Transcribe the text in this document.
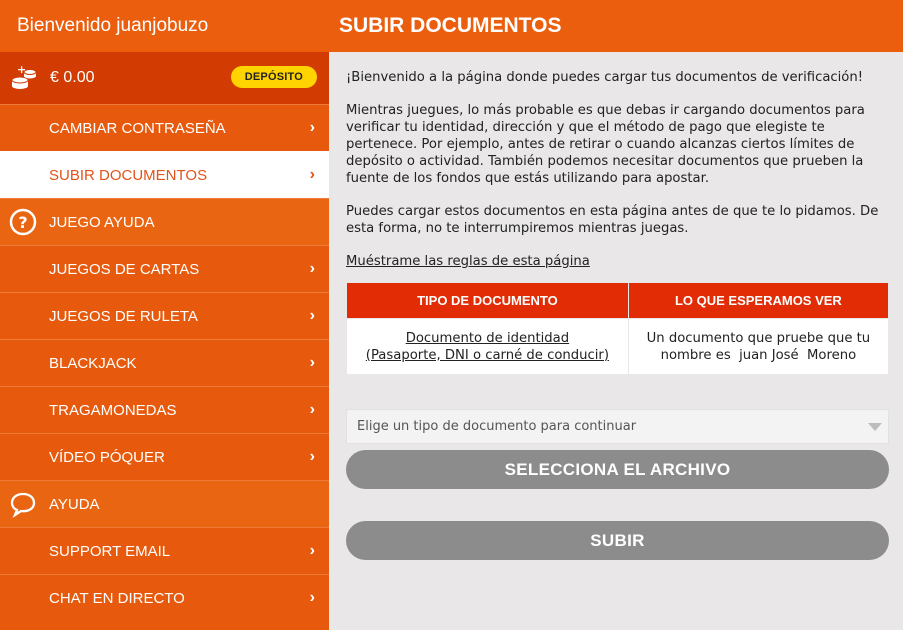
Bienvenido juanjobuzo
+ € 0.00	DEPÓSITO
CAMBIAR CONTRASEÑA	›
SUBIR DOCUMENTOS	›
? JUEGO AYUDA
JUEGOS DE CARTAS	›
JUEGOS DE RULETA	›
BLACKJACK	›
TRAGAMONEDAS	›
VÍDEO PÓQUER	›
AYUDA
SUPPORT EMAIL	›
CHAT EN DIRECTO	›
SUBIR DOCUMENTOS

¡Bienvenido a la página donde puedes cargar tus documentos de verificación!

Mientras juegues, lo más probable es que debas ir cargando documentos para verificar tu identidad, dirección y que el método de pago que elegiste te pertenece. Por ejemplo, antes de retirar o cuando alcanzas ciertos límites de depósito o actividad. También podemos necesitar documentos que prueben la fuente de los fondos que estás utilizando para apostar.

Puedes cargar estos documentos en esta página antes de que te lo pidamos. De esta forma, no te interrumpiremos mientras juegas.

Muéstrame las reglas de esta página
TIPO DE DOCUMENTO	LO QUE ESPERAMOS VER
Documento de identidad
(Pasaporte, DNI o carné de conducir)	Un documento que pruebe que tu
nombre es  juan José  Moreno
Elige un tipo de documento para continuar
SELECCIONA EL ARCHIVO
SUBIR
